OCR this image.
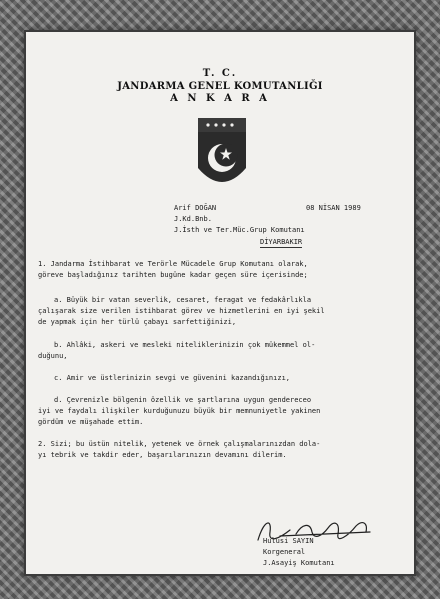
T. C.
JANDARMA GENEL KOMUTANLIĞI
A N K A R A
Arif DOĞAN	08 NİSAN 1989
J.Kd.Bnb.
J.İsth ve Ter.Müc.Grup Komutanı
DİYARBAKIR
1. Jandarma İstihbarat ve Terörle Mücadele Grup Komutanı olarak,
göreve başladığınız tarihten bugüne kadar geçen süre içerisinde;
a. Büyük bir vatan severlik, cesaret, feragat ve fedakârlıkla
çalışarak size verilen istihbarat görev ve hizmetlerini en iyi şekil
de yapmak için her türlü çabayı sarfettiğinizi,
b. Ahlâki, askeri ve mesleki niteliklerinizin çok mükemmel ol-
duğunu,
c. Amir ve üstlerinizin sevgi ve güvenini kazandığınızı,
d. Çevrenizle bölgenin özellik ve şartlarına uygun gendereceo
iyi ve faydalı ilişkiler kurduğunuzu büyük bir memnuniyetle yakinen
gördüm ve müşahade ettim.
2. Sizi; bu üstün nitelik, yetenek ve örnek çalışmalarınızdan dola-
yı tebrik ve takdir eder, başarılarınızın devamını dilerim.
Hulusi SAYIN
Korgeneral
J.Asayiş Komutanı
